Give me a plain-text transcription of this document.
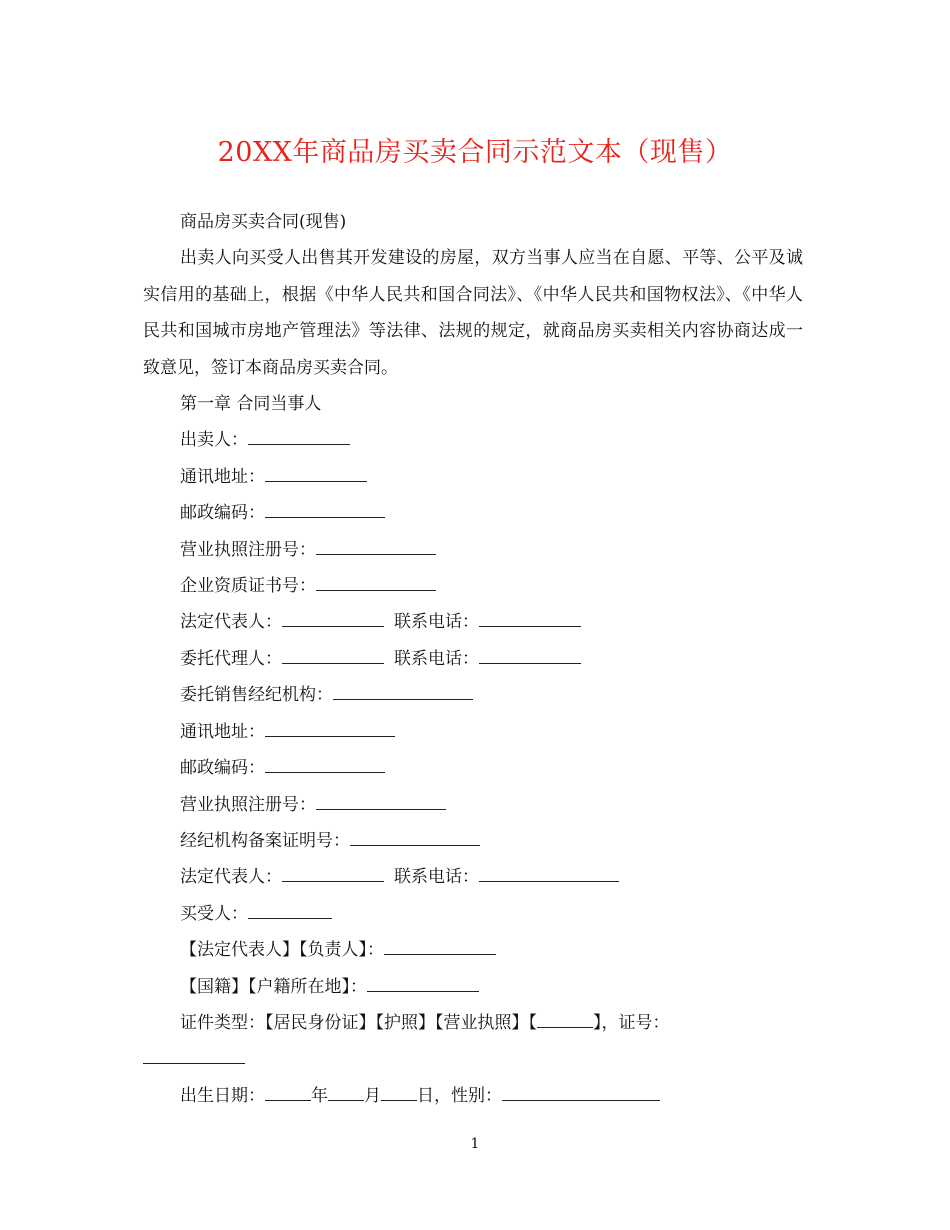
20XX年商品房买卖合同示范文本（现售）

商品房买卖合同(现售)

出卖人向买受人出售其开发建设的房屋，双方当事人应当在自愿、平等、公平及诚实信用的基础上，根据《中华人民共和国合同法》、《中华人民共和国物权法》、《中华人民共和国城市房地产管理法》等法律、法规的规定，就商品房买卖相关内容协商达成一致意见，签订本商品房买卖合同。

第一章 合同当事人

出卖人：

通讯地址：

邮政编码：

营业执照注册号：

企业资质证书号：

法定代表人：	联系电话：

委托代理人：	联系电话：

委托销售经纪机构：

通讯地址：

邮政编码：

营业执照注册号：

经纪机构备案证明号：

法定代表人：	联系电话：

买受人：

【法定代表人】【负责人】：

【国籍】【户籍所在地】：

证件类型：【居民身份证】【护照】【营业执照】【	】，证号：

出生日期：	年 月 日，性别：

1
